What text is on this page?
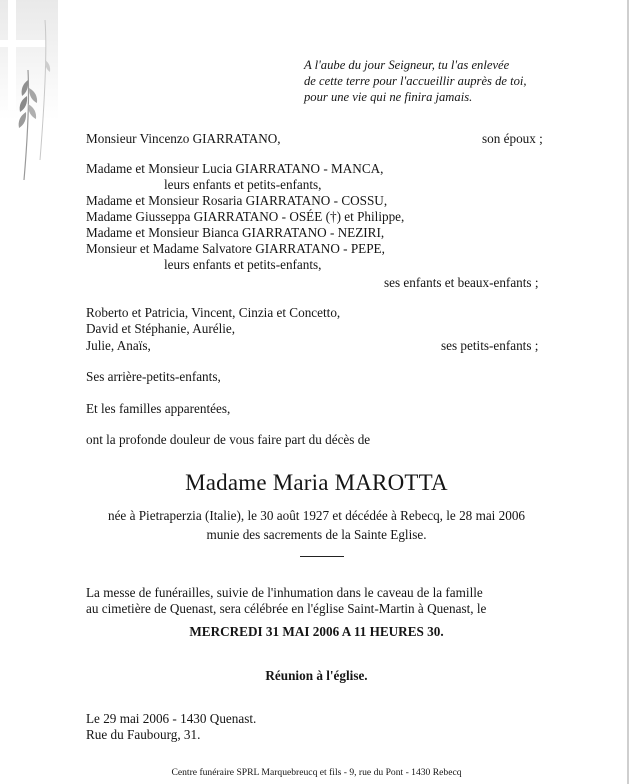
A l'aube du jour Seigneur, tu l'as enlevée
de cette terre pour l'accueillir auprès de toi,
pour une vie qui ne finira jamais.
Monsieur Vincenzo GIARRATANO,	son époux ;
Madame et Monsieur Lucia GIARRATANO - MANCA,
leurs enfants et petits-enfants,
Madame et Monsieur Rosaria GIARRATANO - COSSU,
Madame Giusseppa GIARRATANO - OSÉE (†) et Philippe,
Madame et Monsieur Bianca GIARRATANO - NEZIRI,
Monsieur et Madame Salvatore GIARRATANO - PEPE,
leurs enfants et petits-enfants,
ses enfants et beaux-enfants ;
Roberto et Patricia, Vincent, Cinzia et Concetto,
David et Stéphanie, Aurélie,
Julie, Anaïs,	ses petits-enfants ;
Ses arrière-petits-enfants,
Et les familles apparentées,
ont la profonde douleur de vous faire part du décès de
Madame Maria MAROTTA
née à Pietraperzia (Italie), le 30 août 1927 et décédée à Rebecq, le 28 mai 2006
munie des sacrements de la Sainte Eglise.
La messe de funérailles, suivie de l'inhumation dans le caveau de la famille
au cimetière de Quenast, sera célébrée en l'église Saint-Martin à Quenast, le
MERCREDI 31 MAI 2006 A 11 HEURES 30.
Réunion à l'église.
Le 29 mai 2006 - 1430 Quenast.
Rue du Faubourg, 31.
Centre funéraire SPRL Marquebreucq et fils - 9, rue du Pont - 1430 Rebecq
